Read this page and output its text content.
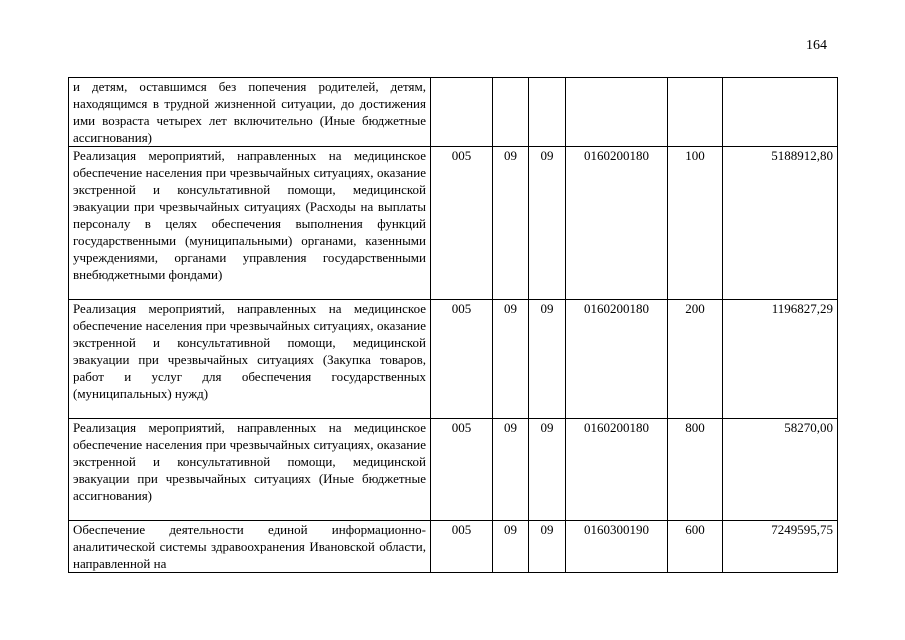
164
и детям, оставшимся без попечения родителей, детям, находящимся в трудной жизненной ситуации, до достижения ими возраста четырех лет включительно (Иные бюджетные ассигнования)						
Реализация мероприятий, направленных на медицинское обеспечение населения при чрезвычайных ситуациях, оказание экстренной и консультативной помощи, медицинской эвакуации при чрезвычайных ситуациях (Расходы на выплаты персоналу в целях обеспечения выполнения функций государственными (муниципальными) органами, казенными учреждениями, органами управления государственными внебюджетными фондами)	005	09	09	0160200180	100	5188912,80
Реализация мероприятий, направленных на медицинское обеспечение населения при чрезвычайных ситуациях, оказание экстренной и консультативной помощи, медицинской эвакуации при чрезвычайных ситуациях (Закупка товаров, работ и услуг для обеспечения государственных (муниципальных) нужд)	005	09	09	0160200180	200	1196827,29
Реализация мероприятий, направленных на медицинское обеспечение населения при чрезвычайных ситуациях, оказание экстренной и консультативной помощи, медицинской эвакуации при чрезвычайных ситуациях (Иные бюджетные ассигнования)	005	09	09	0160200180	800	58270,00
Обеспечение деятельности единой информационно-аналитической системы здравоохранения Ивановской области, направленной на	005	09	09	0160300190	600	7249595,75
